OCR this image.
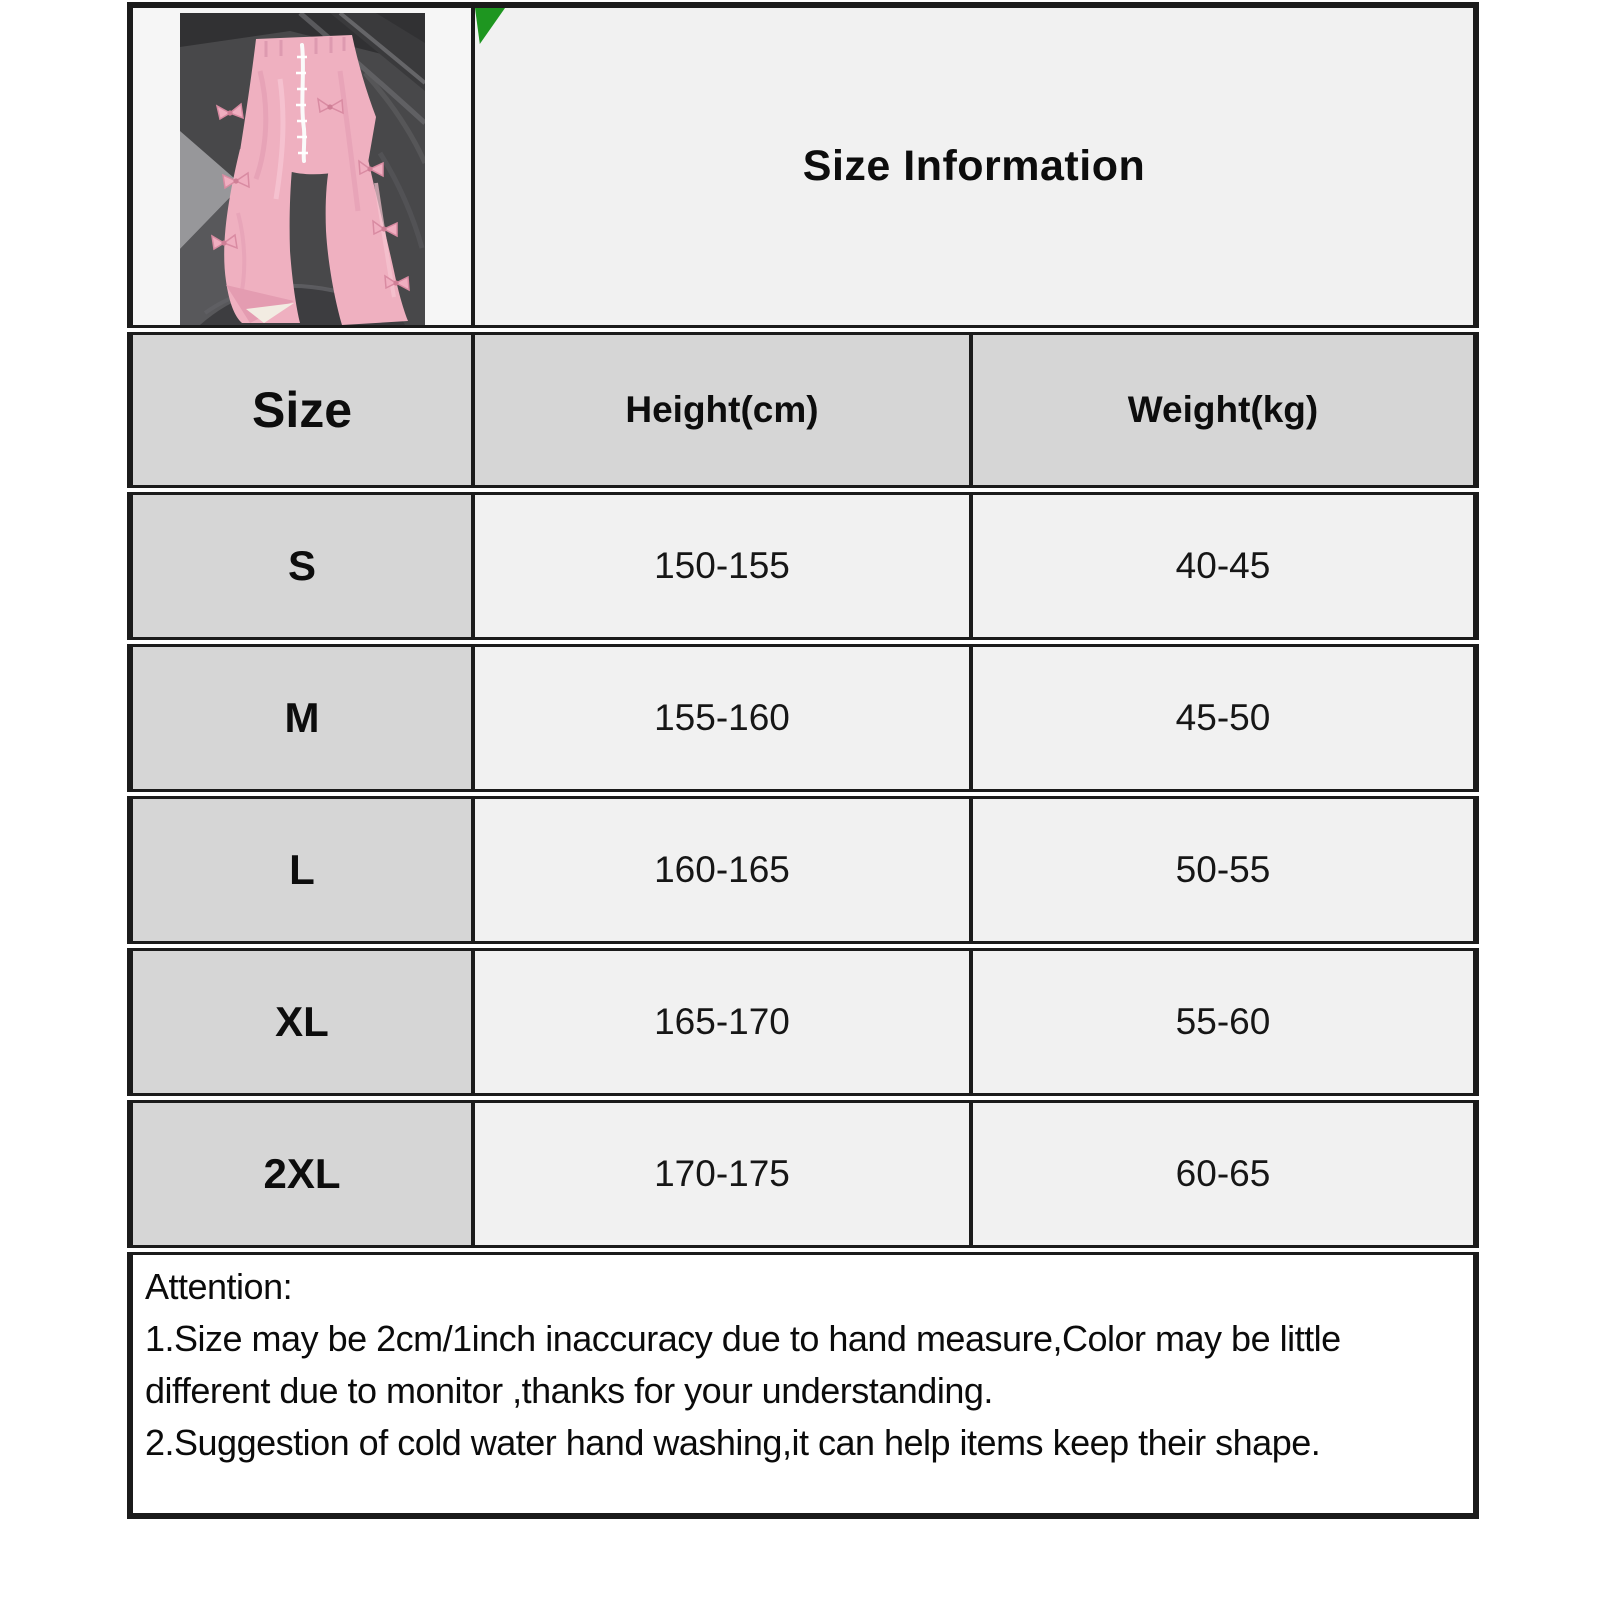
Size Information	
Size	Height(cm)	Weight(kg)
S	150-155	40-45
M	155-160	45-50
L	160-165	50-55
XL	165-170	55-60
2XL	170-175	60-65

Attention:
1.Size may be 2cm/1inch inaccuracy due to hand measure,Color may be little different due to monitor ,thanks for your understanding.
2.Suggestion of cold water hand washing,it can help items keep their shape.		
